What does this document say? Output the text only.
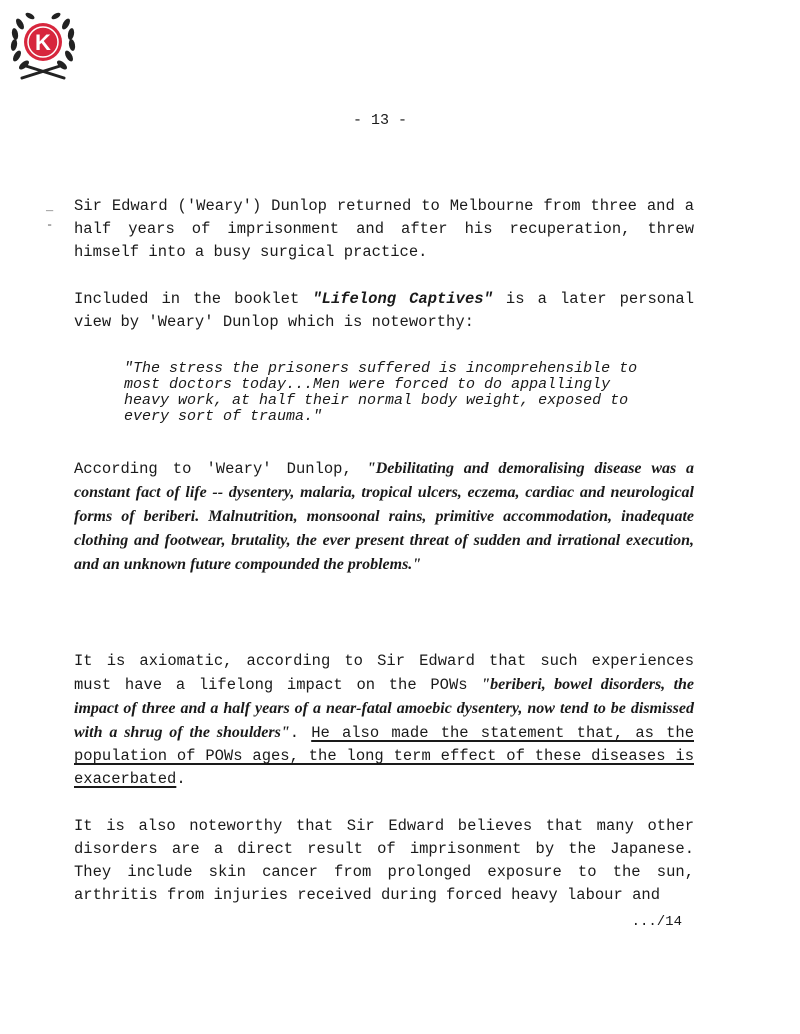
K
- 13 -
_
-

Sir Edward ('Weary') Dunlop returned to Melbourne from three and a half years of imprisonment and after his recuperation, threw himself into a busy surgical practice.

Included in the booklet "Lifelong Captives" is a later personal view by 'Weary' Dunlop which is noteworthy:

"The stress the prisoners suffered is incomprehensible to most doctors today...Men were forced to do appallingly heavy work, at half their normal body weight, exposed to every sort of trauma."

According to 'Weary' Dunlop, "Debilitating and demoralising disease was a constant fact of life -- dysentery, malaria, tropical ulcers, eczema, cardiac and neurological forms of beriberi. Malnutrition, monsoonal rains, primitive accommodation, inadequate clothing and footwear, brutality, the ever present threat of sudden and irrational execution, and an unknown future compounded the problems."

It is axiomatic, according to Sir Edward that such experiences must have a lifelong impact on the POWs "beriberi, bowel disorders, the impact of three and a half years of a near-fatal amoebic dysentery, now tend to be dismissed with a shrug of the shoulders". He also made the statement that, as the population of POWs ages, the long term effect of these diseases is exacerbated.

It is also noteworthy that Sir Edward believes that many other disorders are a direct result of imprisonment by the Japanese. They include skin cancer from prolonged exposure to the sun, arthritis from injuries received during forced heavy labour and

.../14
